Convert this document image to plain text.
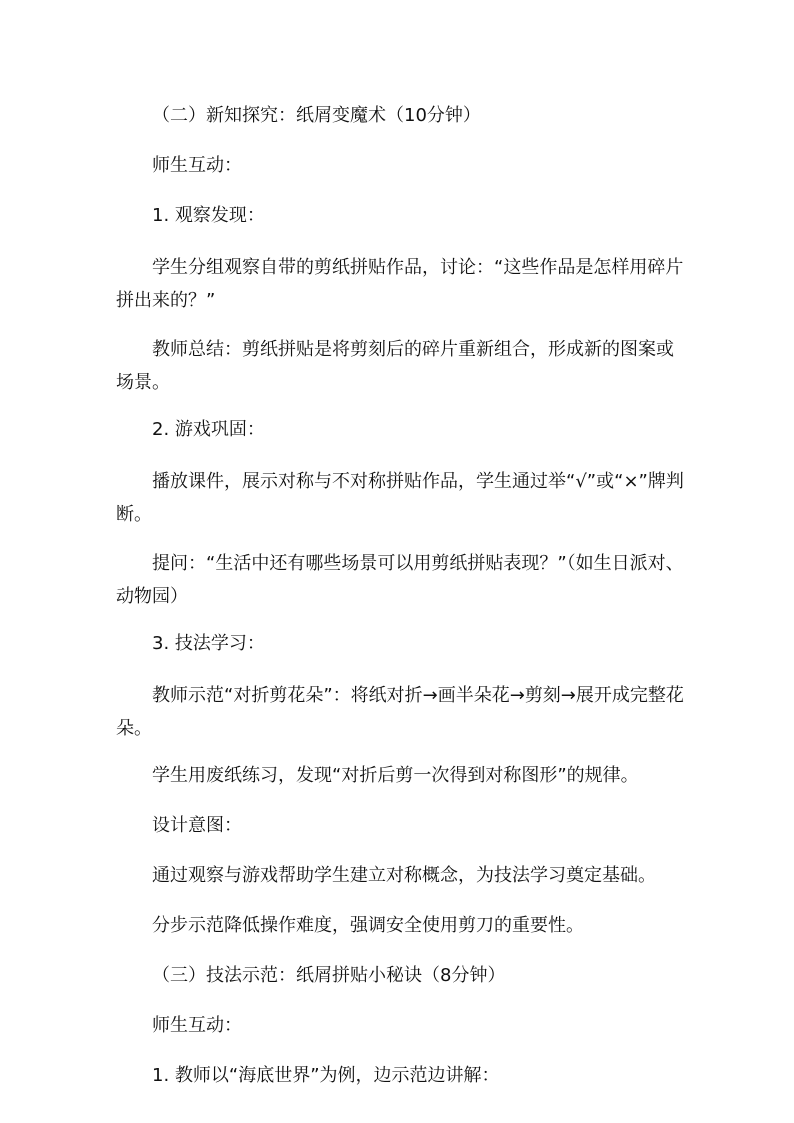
（二）新知探究：纸屑变魔术（10分钟）

师生互动：

1. 观察发现：

学生分组观察自带的剪纸拼贴作品，讨论：“这些作品是怎样用碎片拼出来的？”

教师总结：剪纸拼贴是将剪刻后的碎片重新组合，形成新的图案或场景。

2. 游戏巩固：

播放课件，展示对称与不对称拼贴作品，学生通过举“√”或“×”牌判断。

提问：“生活中还有哪些场景可以用剪纸拼贴表现？”（如生日派对、动物园）

3. 技法学习：

教师示范“对折剪花朵”：将纸对折→画半朵花→剪刻→展开成完整花朵。

学生用废纸练习，发现“对折后剪一次得到对称图形”的规律。

设计意图：

通过观察与游戏帮助学生建立对称概念，为技法学习奠定基础。

分步示范降低操作难度，强调安全使用剪刀的重要性。

（三）技法示范：纸屑拼贴小秘诀（8分钟）

师生互动：

1. 教师以“海底世界”为例，边示范边讲解：
